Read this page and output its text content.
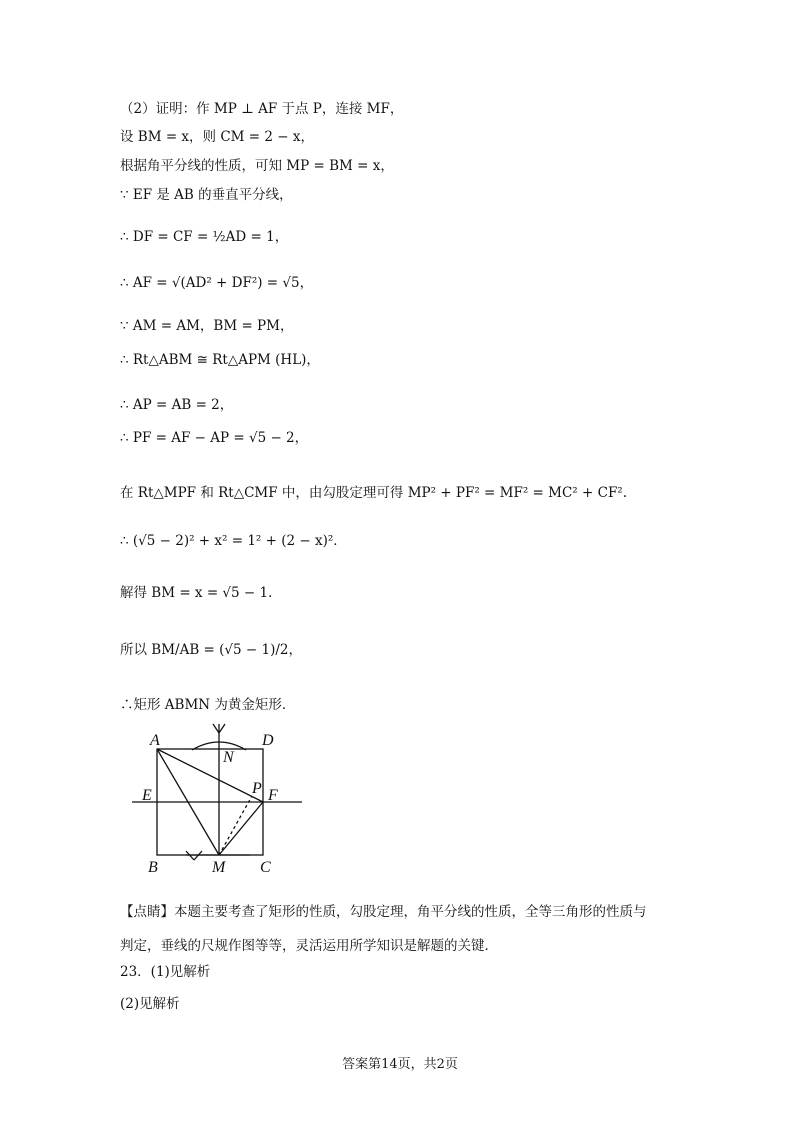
（2）证明：作 MP ⊥ AF 于点 P，连接 MF，
设 BM = x，则 CM = 2 − x，
根据角平分线的性质，可知 MP = BM = x，
∵ EF 是 AB 的垂直平分线，
∴ DF = CF = ½AD = 1，
∴ AF = √(AD² + DF²) = √5，
∵ AM = AM，BM = PM，
∴ Rt△ABM ≅ Rt△APM (HL)，
∴ AP = AB = 2，
∴ PF = AF − AP = √5 − 2，
在 Rt△MPF 和 Rt△CMF 中，由勾股定理可得 MP² + PF² = MF² = MC² + CF².
∴ (√5 − 2)² + x² = 1² + (2 − x)²．
解得 BM = x = √5 − 1．
所以 BM/AB = (√5 − 1)/2，
∴矩形 ABMN 为黄金矩形．
A	D
N
P
E	F
B	M C
【点睛】本题主要考查了矩形的性质，勾股定理，角平分线的性质，全等三角形的性质与
判定，垂线的尺规作图等等，灵活运用所学知识是解题的关键．
23．(1)见解析
(2)见解析
答案第14页，共2页
